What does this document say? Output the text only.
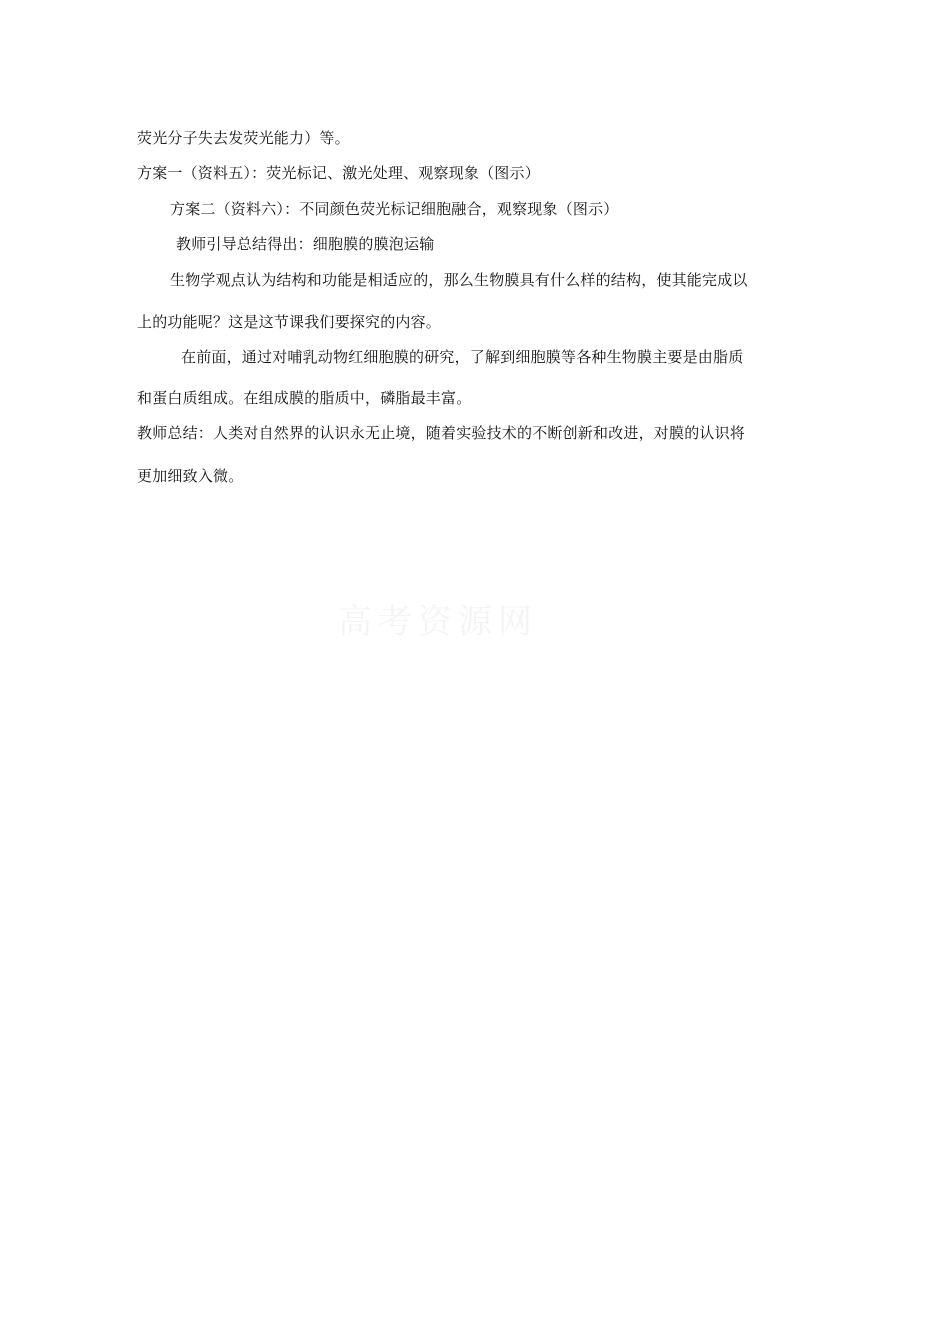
荧光分子失去发荧光能力）等。
方案一（资料五）：荧光标记、激光处理、观察现象（图示）
方案二（资料六）：不同颜色荧光标记细胞融合，观察现象（图示）
教师引导总结得出：细胞膜的膜泡运输
生物学观点认为结构和功能是相适应的，那么生物膜具有什么样的结构，使其能完成以
上的功能呢？这是这节课我们要探究的内容。
在前面，通过对哺乳动物红细胞膜的研究，了解到细胞膜等各种生物膜主要是由脂质
和蛋白质组成。在组成膜的脂质中，磷脂最丰富。
教师总结：人类对自然界的认识永无止境，随着实验技术的不断创新和改进，对膜的认识将
更加细致入微。
高考资源网
